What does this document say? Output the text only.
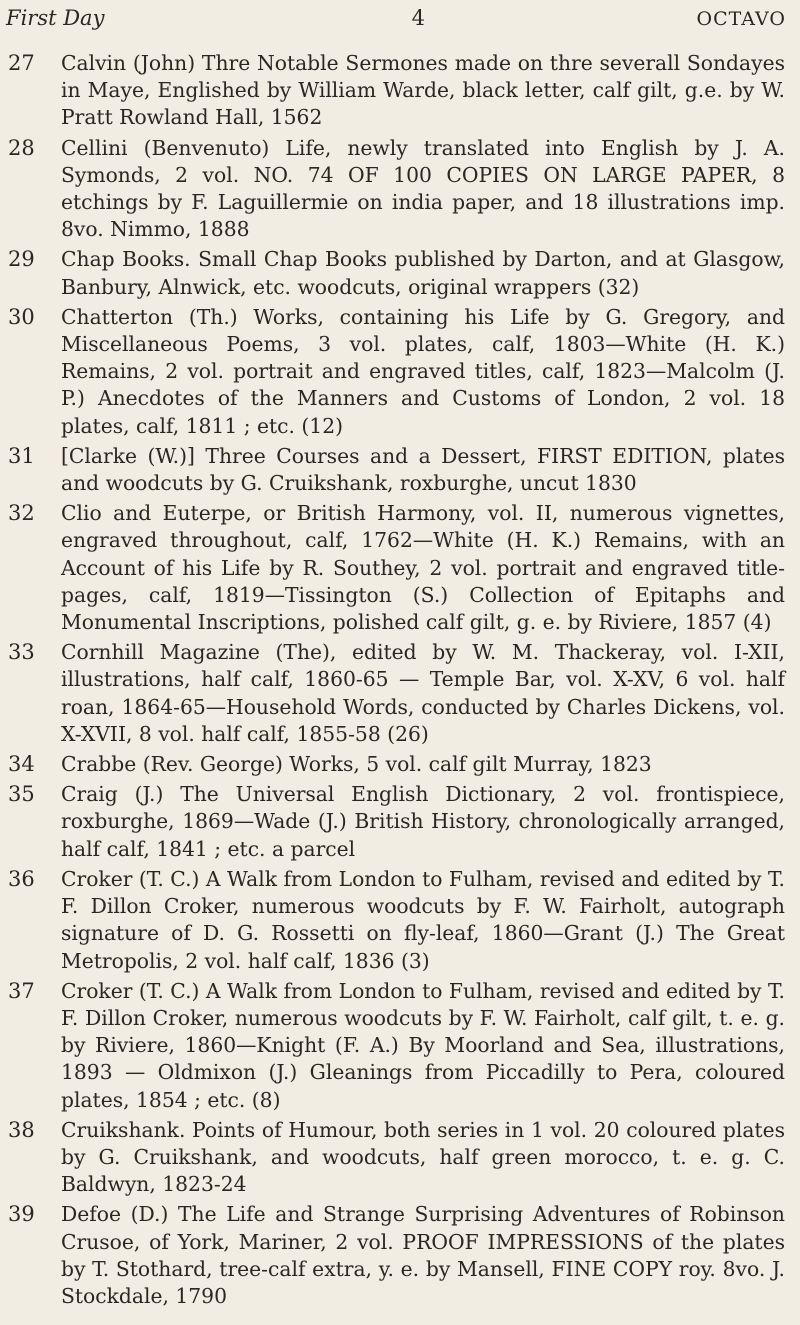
First Day	4	OCTAVO
27	Calvin (John) Thre Notable Sermones made on thre severall Sondayes in Maye, Englished by William Warde, black letter, calf gilt, g.e. by W. Pratt Rowland Hall, 1562
28	Cellini (Benvenuto) Life, newly translated into English by J. A. Symonds, 2 vol. NO. 74 OF 100 COPIES ON LARGE PAPER, 8 etchings by F. Laguillermie on india paper, and 18 illustrations imp. 8vo. Nimmo, 1888
29	Chap Books. Small Chap Books published by Darton, and at Glasgow, Banbury, Alnwick, etc. woodcuts, original wrappers (32)
30	Chatterton (Th.) Works, containing his Life by G. Gregory, and Miscellaneous Poems, 3 vol. plates, calf, 1803—White (H. K.) Remains, 2 vol. portrait and engraved titles, calf, 1823—Malcolm (J. P.) Anecdotes of the Manners and Customs of London, 2 vol. 18 plates, calf, 1811 ; etc. (12)
31	[Clarke (W.)] Three Courses and a Dessert, FIRST EDITION, plates and woodcuts by G. Cruikshank, roxburghe, uncut 1830
32	Clio and Euterpe, or British Harmony, vol. II, numerous vignettes, engraved throughout, calf, 1762—White (H. K.) Remains, with an Account of his Life by R. Southey, 2 vol. portrait and engraved title-pages, calf, 1819—Tissington (S.) Collection of Epitaphs and Monumental Inscriptions, polished calf gilt, g. e. by Riviere, 1857 (4)
33	Cornhill Magazine (The), edited by W. M. Thackeray, vol. I-XII, illustrations, half calf, 1860-65 — Temple Bar, vol. X-XV, 6 vol. half roan, 1864-65—Household Words, conducted by Charles Dickens, vol. X-XVII, 8 vol. half calf, 1855-58 (26)
34	Crabbe (Rev. George) Works, 5 vol. calf gilt Murray, 1823
35	Craig (J.) The Universal English Dictionary, 2 vol. frontispiece, roxburghe, 1869—Wade (J.) British History, chronologically arranged, half calf, 1841 ; etc. a parcel
36	Croker (T. C.) A Walk from London to Fulham, revised and edited by T. F. Dillon Croker, numerous woodcuts by F. W. Fairholt, autograph signature of D. G. Rossetti on fly-leaf, 1860—Grant (J.) The Great Metropolis, 2 vol. half calf, 1836 (3)
37	Croker (T. C.) A Walk from London to Fulham, revised and edited by T. F. Dillon Croker, numerous woodcuts by F. W. Fairholt, calf gilt, t. e. g. by Riviere, 1860—Knight (F. A.) By Moorland and Sea, illustrations, 1893 — Oldmixon (J.) Gleanings from Piccadilly to Pera, coloured plates, 1854 ; etc. (8)
38	Cruikshank. Points of Humour, both series in 1 vol. 20 coloured plates by G. Cruikshank, and woodcuts, half green morocco, t. e. g. C. Baldwyn, 1823-24
39	Defoe (D.) The Life and Strange Surprising Adventures of Robinson Crusoe, of York, Mariner, 2 vol. PROOF IMPRESSIONS of the plates by T. Stothard, tree-calf extra, y. e. by Mansell, FINE COPY roy. 8vo. J. Stockdale, 1790
